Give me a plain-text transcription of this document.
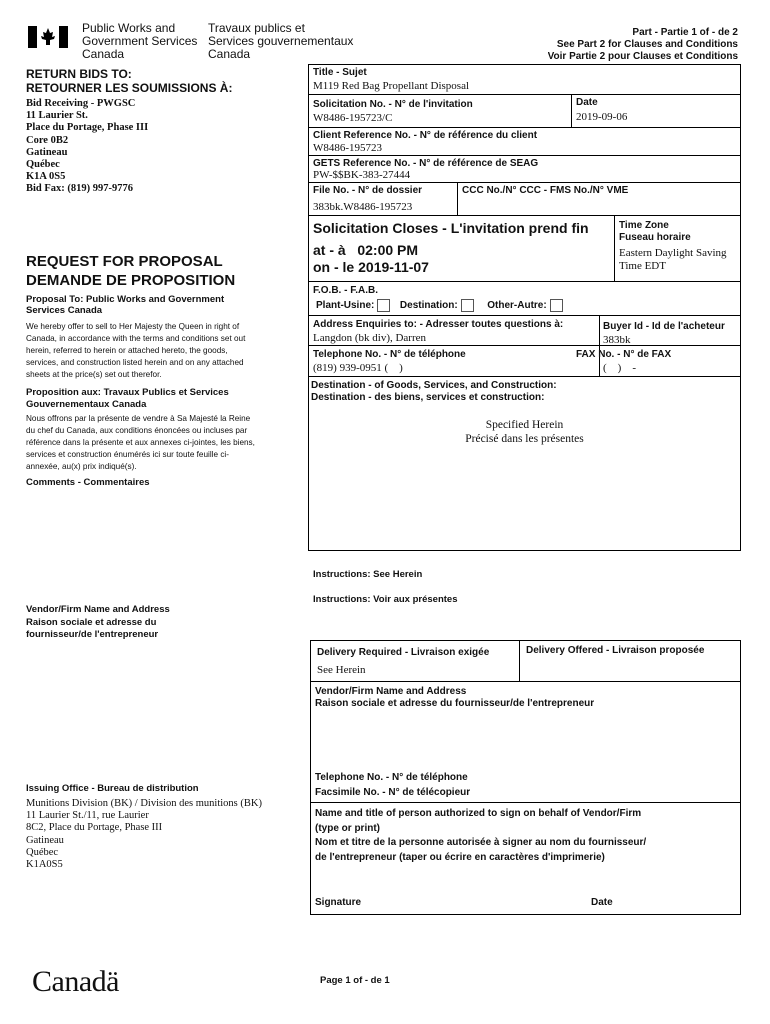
Public Works and
Government Services
Canada
Travaux publics et
Services gouvernementaux
Canada
Part - Partie 1 of - de 2
See Part 2 for Clauses and Conditions
Voir Partie 2 pour Clauses et Conditions
RETURN BIDS TO:
RETOURNER LES SOUMISSIONS À:
Bid Receiving - PWGSC
11 Laurier St.
Place du Portage, Phase III
Core 0B2
Gatineau
Québec
K1A 0S5
Bid Fax: (819) 997-9776
REQUEST FOR PROPOSAL
DEMANDE DE PROPOSITION
Proposal To: Public Works and Government Services Canada
We hereby offer to sell to Her Majesty the Queen in right of Canada, in accordance with the terms and conditions set out herein, referred to herein or attached hereto, the goods, services, and construction listed herein and on any attached sheets at the price(s) set out therefor.
Proposition aux: Travaux Publics et Services Gouvernementaux Canada
Nous offrons par la présente de vendre à Sa Majesté la Reine du chef du Canada, aux conditions énoncées ou incluses par référence dans la présente et aux annexes ci-jointes, les biens, services et construction énumérés ici sur toute feuille ci-annexée, au(x) prix indiqué(s).
Comments - Commentaires
Vendor/Firm Name and Address
Raison sociale et adresse du
fournisseur/de l'entrepreneur
Issuing Office - Bureau de distribution
Munitions Division (BK) / Division des munitions (BK)
11 Laurier St./11, rue Laurier
8C2, Place du Portage, Phase III
Gatineau
Québec
K1A0S5
Title - Sujet
M119 Red Bag Propellant Disposal
Solicitation No. - N° de l'invitation
W8486-195723/C
Date
2019-09-06
Client Reference No. - N° de référence du client
W8486-195723
GETS Reference No. - N° de référence de SEAG
PW-$$BK-383-27444
File No. - N° de dossier
383bk.W8486-195723
CCC No./N° CCC - FMS No./N° VME
Solicitation Closes - L'invitation prend fin
at - à 02:00 PM
on - le 2019-11-07
Time Zone
Fuseau horaire
Eastern Daylight Saving Time EDT
F.O.B. - F.A.B.
Plant-Usine:	Destination:	Other-Autre:
Address Enquiries to: - Adresser toutes questions à:
Langdon (bk div), Darren
Buyer Id - Id de l'acheteur
383bk
Telephone No. - N° de téléphone
(819) 939-0951 (    )
FAX No. - N° de FAX
(    )    -
Destination - of Goods, Services, and Construction:
Destination - des biens, services et construction:
Specified Herein
Précisé dans les présentes
Instructions: See Herein
Instructions: Voir aux présentes
Delivery Required - Livraison exigée
See Herein
Delivery Offered - Livraison proposée
Vendor/Firm Name and Address
Raison sociale et adresse du fournisseur/de l'entrepreneur
Telephone No. - N° de téléphone
Facsimile No. - N° de télécopieur
Name and title of person authorized to sign on behalf of Vendor/Firm
(type or print)
Nom et titre de la personne autorisée à signer au nom du fournisseur/
de l'entrepreneur (taper ou écrire en caractères d'imprimerie)
Signature	Date
Canadä	Page 1 of - de 1
